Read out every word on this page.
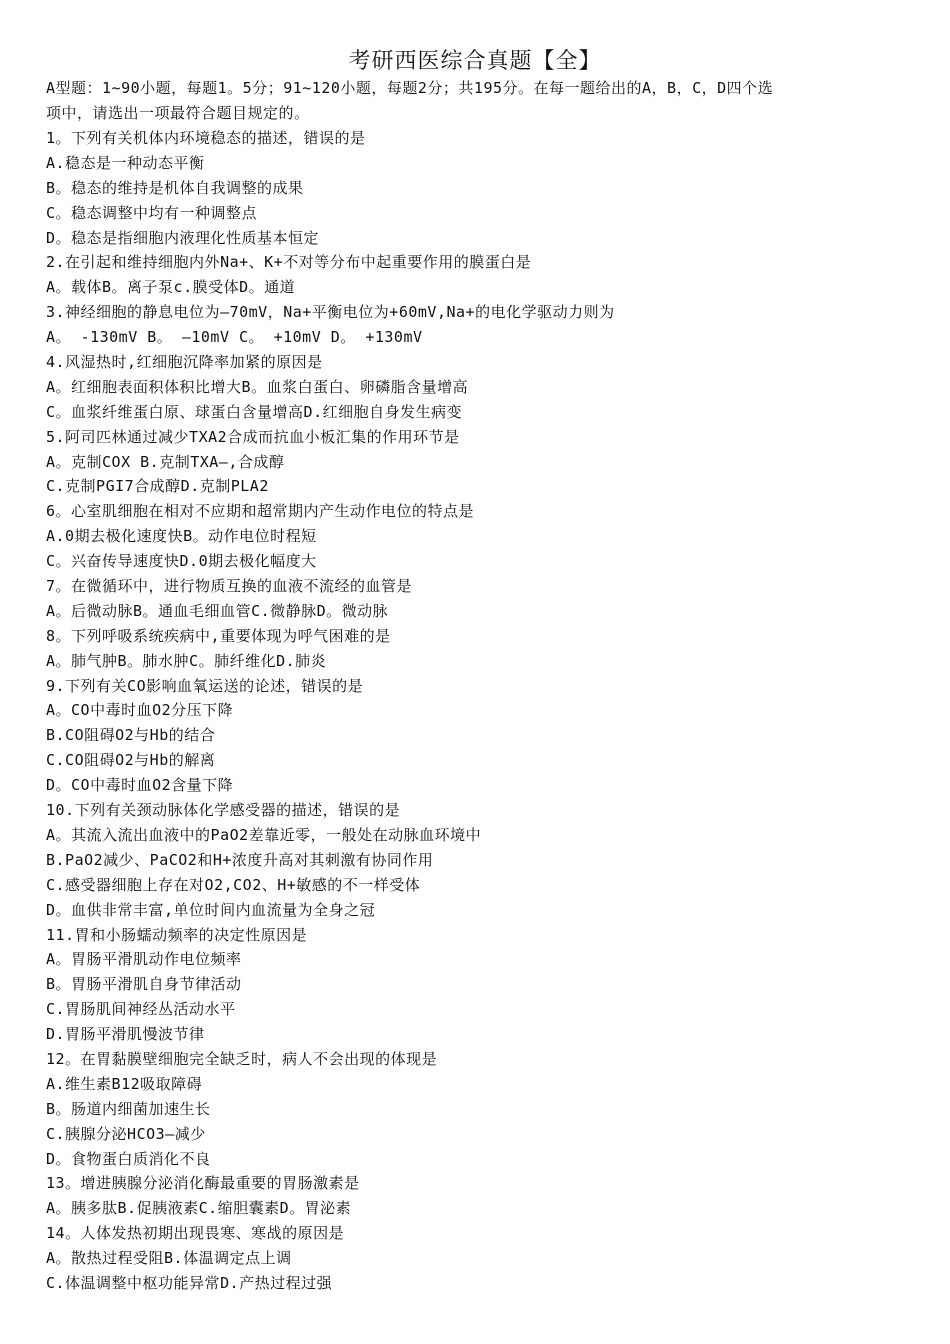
考研西医综合真题【全】

A型题：1~90小题，每题1。5分；91~120小题，每题2分；共195分。在每一题给出的A，B，C，D四个选

项中，请选出一项最符合题目规定的。

1。下列有关机体内环境稳态的描述，错误的是

A.稳态是一种动态平衡

B。稳态的维持是机体自我调整的成果

C。稳态调整中均有一种调整点

D。稳态是指细胞内液理化性质基本恒定

2.在引起和维持细胞内外Na+、K+不对等分布中起重要作用的膜蛋白是

A。载体B。离子泵c.膜受体D。通道

3.神经细胞的静息电位为—70mV，Na+平衡电位为+60mV,Na+的电化学驱动力则为

A。 -130mV B。 —10mV C。 +10mV D。 +130mV

4.风湿热时,红细胞沉降率加紧的原因是

A。红细胞表面积体积比增大B。血浆白蛋白、卵磷脂含量增高

C。血浆纤维蛋白原、球蛋白含量增高D.红细胞自身发生病变

5.阿司匹林通过减少TXA2合成而抗血小板汇集的作用环节是

A。克制COX B.克制TXA—,合成醇

C.克制PGI7合成醇D.克制PLA2

6。心室肌细胞在相对不应期和超常期内产生动作电位的特点是

A.0期去极化速度快B。动作电位时程短

C。兴奋传导速度快D.0期去极化幅度大

7。在微循环中，进行物质互换的血液不流经的血管是

A。后微动脉B。通血毛细血管C.微静脉D。微动脉

8。下列呼吸系统疾病中,重要体现为呼气困难的是

A。肺气肿B。肺水肿C。肺纤维化D.肺炎

9.下列有关CO影响血氧运送的论述，错误的是

A。CO中毒时血O2分压下降

B.CO阻碍O2与Hb的结合

C.CO阻碍O2与Hb的解离

D。CO中毒时血O2含量下降

10.下列有关颈动脉体化学感受器的描述，错误的是

A。其流入流出血液中的PaO2差靠近零，一般处在动脉血环境中

B.PaO2减少、PaCO2和H+浓度升高对其刺激有协同作用

C.感受器细胞上存在对O2,CO2、H+敏感的不一样受体

D。血供非常丰富,单位时间内血流量为全身之冠

11.胃和小肠蠕动频率的决定性原因是

A。胃肠平滑肌动作电位频率

B。胃肠平滑肌自身节律活动

C.胃肠肌间神经丛活动水平

D.胃肠平滑肌慢波节律

12。在胃黏膜壁细胞完全缺乏时，病人不会出现的体现是

A.维生素B12吸取障碍

B。肠道内细菌加速生长

C.胰腺分泌HCO3—减少

D。食物蛋白质消化不良

13。增进胰腺分泌消化酶最重要的胃肠激素是

A。胰多肽B.促胰液素C.缩胆囊素D。胃泌素

14。人体发热初期出现畏寒、寒战的原因是

A。散热过程受阻B.体温调定点上调

C.体温调整中枢功能异常D.产热过程过强
